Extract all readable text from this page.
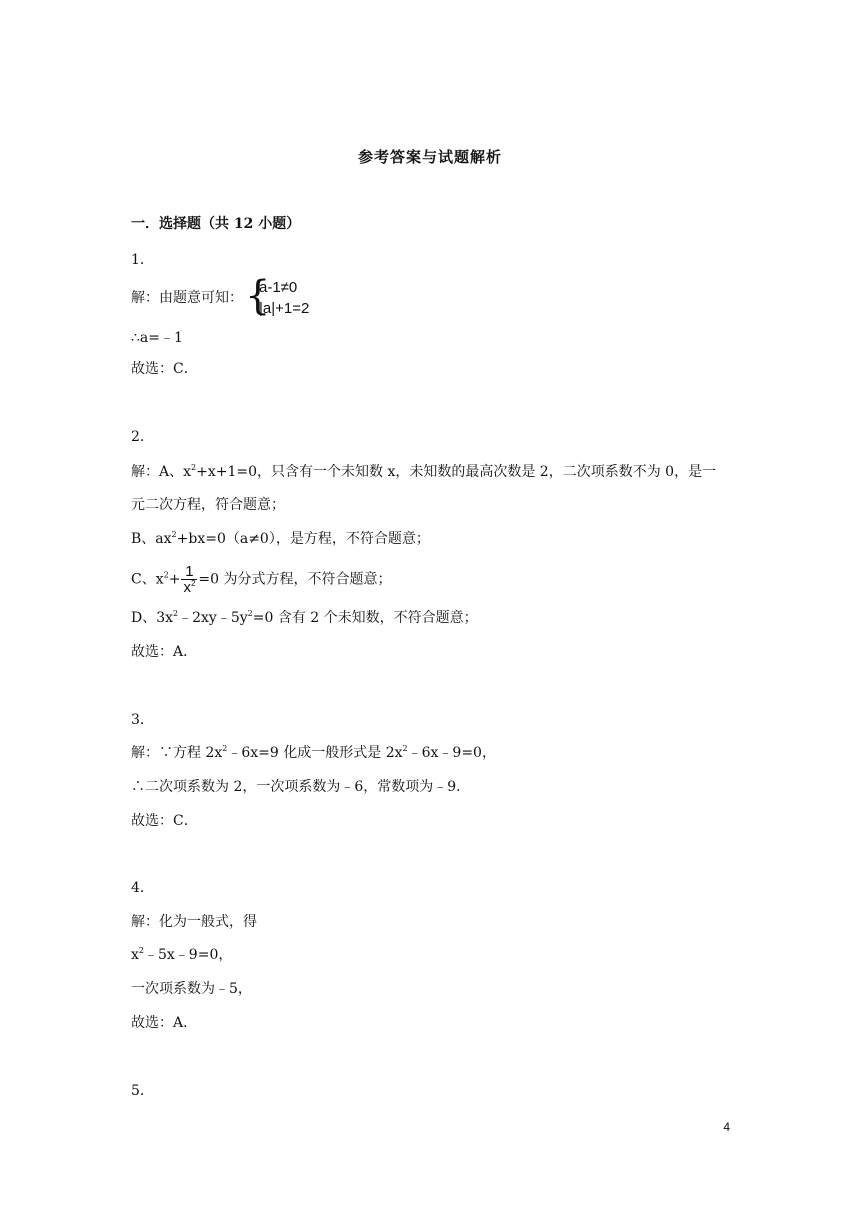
参考答案与试题解析
一．选择题（共 12 小题）
1．
解：由题意可知： {
a-1≠0
|a|+1=2
∴a=﹣1
故选：C．
2．
解：A、$x^2+x+1=0$，只含有一个未知数 x，未知数的最高次数是 2，二次项系数不为 0，是一
元二次方程，符合题意；
B、$ax^2+bx=0(a\ne 0)$，是方程，不符合题意；
C、$x^2+ \frac{1}{x^2} =0$ 为分式方程，不符合题意；
D、$3x^2﹣2xy﹣5y^2=0$ 含有 2 个未知数，不符合题意；
故选：A．
3．
解：∵方程 $2x^2﹣6x=9$ 化成一般形式是 $2x^2﹣6x﹣9=0$，
∴二次项系数为 2，一次项系数为﹣6，常数项为﹣9．
故选：C．
4．
解：化为一般式，得
$x^2﹣5x﹣9=0$，
一次项系数为﹣5，
故选：A．
5．
4
